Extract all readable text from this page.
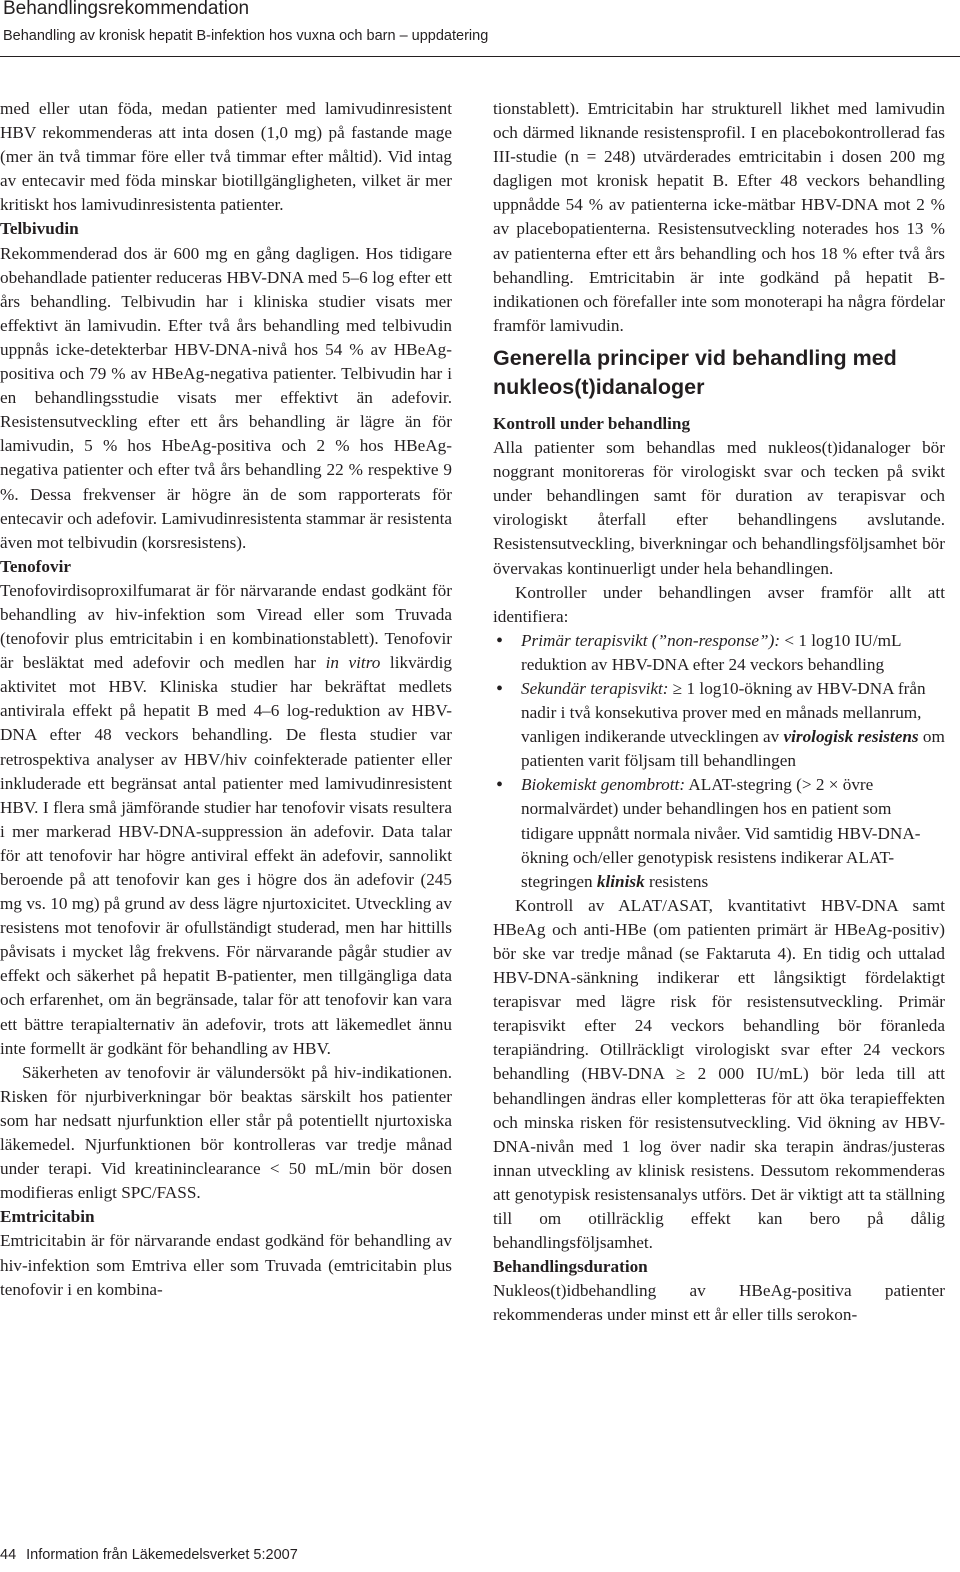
Behandlingsrekommendation
Behandling av kronisk hepatit B-infektion hos vuxna och barn – uppdatering

med eller utan föda, medan patienter med lamivudinresistent HBV rekommenderas att inta dosen (1,0 mg) på fastande mage (mer än två timmar före eller två timmar efter måltid). Vid intag av entecavir med föda minskar biotillgängligheten, vilket är mer kritiskt hos lamivudinresistenta patienter.

Telbivudin

Rekommenderad dos är 600 mg en gång dagligen. Hos tidigare obehandlade patienter reduceras HBV-DNA med 5–6 log efter ett års behandling. Telbivudin har i kliniska studier visats mer effektivt än lamivudin. Efter två års behandling med telbivudin uppnås icke-detekterbar HBV-DNA-nivå hos 54 % av HBeAg-positiva och 79 % av HBeAg-negativa patienter. Telbivudin har i en behandlingsstudie visats mer effektivt än adefovir. Resistensutveckling efter ett års behandling är lägre än för lamivudin, 5 % hos HbeAg-positiva och 2 % hos HBeAg-negativa patienter och efter två års behandling 22 % respektive 9 %. Dessa frekvenser är högre än de som rapporterats för entecavir och adefovir. Lamivudinresistenta stammar är resistenta även mot telbivudin (korsresistens).

Tenofovir

Tenofovirdisoproxilfumarat är för närvarande endast godkänt för behandling av hiv-infektion som Viread eller som Truvada (tenofovir plus emtricitabin i en kombinationstablett). Tenofovir är besläktat med adefovir och medlen har in vitro likvärdig aktivitet mot HBV. Kliniska studier har bekräftat medlets antivirala effekt på hepatit B med 4–6 log-reduktion av HBV-DNA efter 48 veckors behandling. De flesta studier var retrospektiva analyser av HBV/hiv coinfekterade patienter eller inkluderade ett begränsat antal patienter med lamivudinresistent HBV. I flera små jämförande studier har tenofovir visats resultera i mer markerad HBV-DNA-suppression än adefovir. Data talar för att tenofovir har högre antiviral effekt än adefovir, sannolikt beroende på att tenofovir kan ges i högre dos än adefovir (245 mg vs. 10 mg) på grund av dess lägre njurtoxicitet. Utveckling av resistens mot tenofovir är ofullständigt studerad, men har hittills påvisats i mycket låg frekvens. För närvarande pågår studier av effekt och säkerhet på hepatit B-patienter, men tillgängliga data och erfarenhet, om än begränsade, talar för att tenofovir kan vara ett bättre terapialternativ än adefovir, trots att läkemedlet ännu inte formellt är godkänt för behandling av HBV.

Säkerheten av tenofovir är välundersökt på hiv-indikationen. Risken för njurbiverkningar bör beaktas särskilt hos patienter som har nedsatt njurfunktion eller står på potentiellt njurtoxiska läkemedel. Njurfunktionen bör kontrolleras var tredje månad under terapi. Vid kreatininclearance < 50 mL/min bör dosen modifieras enligt SPC/FASS.

Emtricitabin

Emtricitabin är för närvarande endast godkänd för behandling av hiv-infektion som Emtriva eller som Truvada (emtricitabin plus tenofovir i en kombina-

tionstablett). Emtricitabin har strukturell likhet med lamivudin och därmed liknande resistensprofil. I en placebokontrollerad fas III-studie (n = 248) utvärderades emtricitabin i dosen 200 mg dagligen mot kronisk hepatit B. Efter 48 veckors behandling uppnådde 54 % av patienterna icke-mätbar HBV-DNA mot 2 % av placebopatienterna. Resistensutveckling noterades hos 13 % av patienterna efter ett års behandling och hos 18 % efter två års behandling. Emtricitabin är inte godkänd på hepatit B-indikationen och förefaller inte som monoterapi ha några fördelar framför lamivudin.

Generella principer vid behandling med nukleos(t)idanaloger
Kontroll under behandling

Alla patienter som behandlas med nukleos(t)idanaloger bör noggrant monitoreras för virologiskt svar och tecken på svikt under behandlingen samt för duration av terapisvar och virologiskt återfall efter behandlingens avslutande. Resistensutveckling, biverkningar och behandlingsföljsamhet bör övervakas kontinuerligt under hela behandlingen.

Kontroller under behandlingen avser framför allt att identifiera:

• Primär terapisvikt (”non-response”): < 1 log10 IU/mL reduktion av HBV-DNA efter 24 veckors behandling
• Sekundär terapisvikt: ≥ 1 log10-ökning av HBV-DNA från nadir i två konsekutiva prover med en månads mellanrum, vanligen indikerande utvecklingen av virologisk resistens om patienten varit följsam till behandlingen
• Biokemiskt genombrott: ALAT-stegring (> 2 × övre normalvärdet) under behandlingen hos en patient som tidigare uppnått normala nivåer. Vid samtidig HBV-DNA-ökning och/eller genotypisk resistens indikerar ALAT-stegringen klinisk resistens

Kontroll av ALAT/ASAT, kvantitativt HBV-DNA samt HBeAg och anti-HBe (om patienten primärt är HBeAg-positiv) bör ske var tredje månad (se Faktaruta 4). En tidig och uttalad HBV-DNA-sänkning indikerar ett långsiktigt fördelaktigt terapisvar med lägre risk för resistensutveckling. Primär terapisvikt efter 24 veckors behandling bör föranleda terapiändring. Otillräckligt virologiskt svar efter 24 veckors behandling (HBV-DNA ≥ 2 000 IU/mL) bör leda till att behandlingen ändras eller kompletteras för att öka terapieffekten och minska risken för resistensutveckling. Vid ökning av HBV-DNA-nivån med 1 log över nadir ska terapin ändras/justeras innan utveckling av klinisk resistens. Dessutom rekommenderas att genotypisk resistensanalys utförs. Det är viktigt att ta ställning till om otillräcklig effekt kan bero på dålig behandlingsföljsamhet.

Behandlingsduration

Nukleos(t)idbehandling av HBeAg-positiva patienter rekommenderas under minst ett år eller tills serokon-

44 Information från Läkemedelsverket 5:2007
